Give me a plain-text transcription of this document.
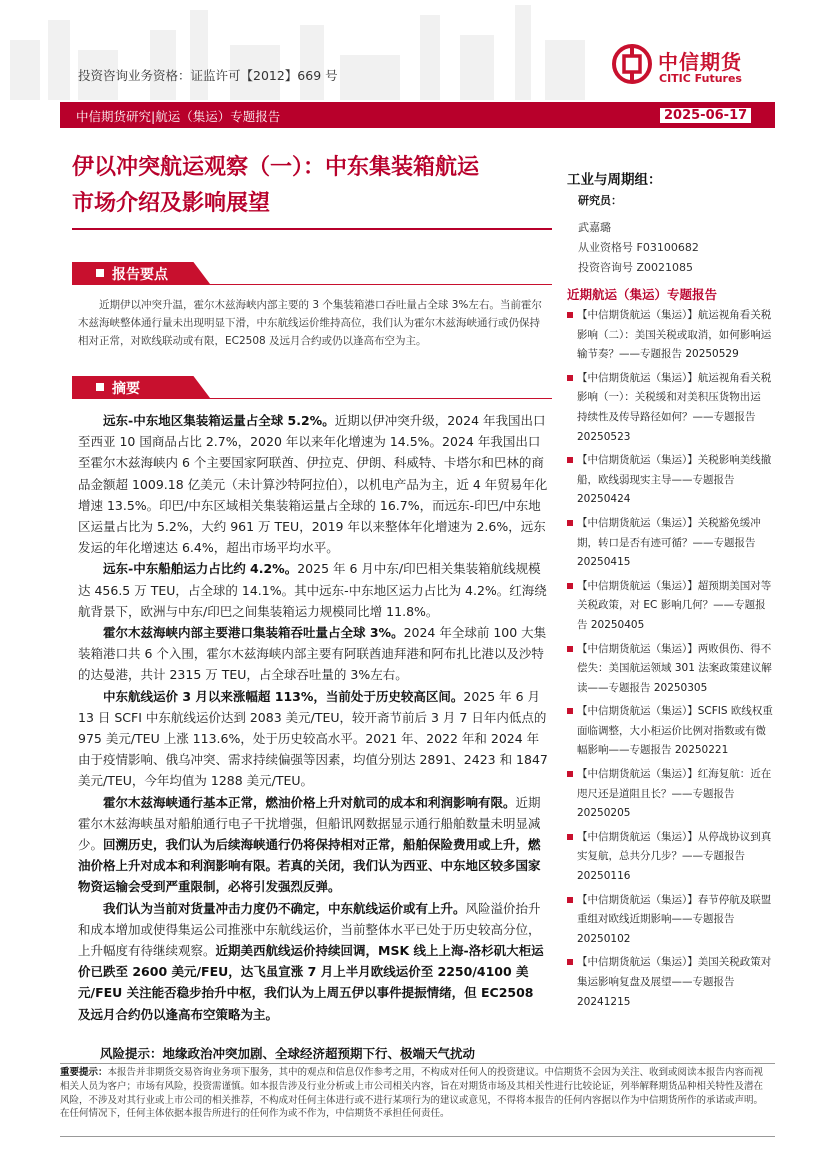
投资咨询业务资格：证监许可【2012】669 号
中信期货
CITIC Futures
中信期货研究|航运（集运）专题报告	2025-06-17
伊以冲突航运观察（一）：中东集装箱航运
市场介绍及影响展望
报告要点
近期伊以冲突升温，霍尔木兹海峡内部主要的 3 个集装箱港口吞吐量占全球 3%左右。当前霍尔木兹海峡整体通行量未出现明显下滑，中东航线运价维持高位，我们认为霍尔木兹海峡通行或仍保持相对正常，对欧线联动或有限，EC2508 及远月合约或仍以逢高布空为主。
摘要

远东-中东地区集装箱运量占全球 5.2%。近期以伊冲突升级，2024 年我国出口至西亚 10 国商品占比 2.7%，2020 年以来年化增速为 14.5%。2024 年我国出口至霍尔木兹海峡内 6 个主要国家阿联酋、伊拉克、伊朗、科威特、卡塔尔和巴林的商品金额超 1009.18 亿美元（未计算沙特阿拉伯），以机电产品为主，近 4 年贸易年化增速 13.5%。印巴/中东区域相关集装箱运量占全球的 16.7%，而远东-印巴/中东地区运量占比为 5.2%，大约 961 万 TEU，2019 年以来整体年化增速为 2.6%，远东发运的年化增速达 6.4%，超出市场平均水平。

远东-中东船舶运力占比约 4.2%。2025 年 6 月中东/印巴相关集装箱航线规模达 456.5 万 TEU，占全球的 14.1%。其中远东-中东地区运力占比为 4.2%。红海绕航背景下，欧洲与中东/印巴之间集装箱运力规模同比增 11.8%。

霍尔木兹海峡内部主要港口集装箱吞吐量占全球 3%。2024 年全球前 100 大集装箱港口共 6 个入围，霍尔木兹海峡内部主要有阿联酋迪拜港和阿布扎比港以及沙特的达曼港，共计 2315 万 TEU，占全球吞吐量的 3%左右。

中东航线运价 3 月以来涨幅超 113%，当前处于历史较高区间。2025 年 6 月 13 日 SCFI 中东航线运价达到 2083 美元/TEU，较开斋节前后 3 月 7 日年内低点的 975 美元/TEU 上涨 113.6%，处于历史较高水平。2021 年、2022 年和 2024 年由于疫情影响、俄乌冲突、需求持续偏强等因素，均值分别达 2891、2423 和 1847 美元/TEU，今年均值为 1288 美元/TEU。

霍尔木兹海峡通行基本正常，燃油价格上升对航司的成本和利润影响有限。近期霍尔木兹海峡虽对船舶通行电子干扰增强，但船讯网数据显示通行船舶数量未明显减少。回溯历史，我们认为后续海峡通行仍将保持相对正常，船舶保险费用或上升，燃油价格上升对成本和利润影响有限。若真的关闭，我们认为西亚、中东地区较多国家物资运输会受到严重限制，必将引发强烈反弹。

我们认为当前对货量冲击力度仍不确定，中东航线运价或有上升。风险溢价抬升和成本增加或使得集运公司推涨中东航线运价，当前整体水平已处于历史较高分位，上升幅度有待继续观察。近期美西航线运价持续回调，MSK 线上上海-洛杉矶大柜运价已跌至 2600 美元/FEU，达飞虽宣涨 7 月上半月欧线运价至 2250/4100 美元/FEU 关注能否稳步抬升中枢，我们认为上周五伊以事件提振情绪，但 EC2508 及远月合约仍以逢高布空策略为主。

工业与周期组：
研究员：
武嘉璐
从业资格号 F03100682
投资咨询号 Z0021085
近期航运（集运）专题报告
【中信期货航运（集运）】航运视角看关税影响（二）：美国关税或取消，如何影响运输节奏？——专题报告 20250529
【中信期货航运（集运）】航运视角看关税影响（一）：关税缓和对美积压货物出运　持续性及传导路径如何？——专题报告 20250523
【中信期货航运（集运）】关税影响美线撤船，欧线弱现实主导——专题报告 20250424
【中信期货航运（集运）】关税豁免缓冲期，转口是否有迹可循？——专题报告 20250415
【中信期货航运（集运）】超预期美国对等关税政策，对 EC 影响几何？——专题报告 20250405
【中信期货航运（集运）】两败俱伤、得不偿失：美国航运领域 301 法案政策建议解读——专题报告 20250305
【中信期货航运（集运）】SCFIS 欧线权重面临调整，大小柜运价比例对指数或有微幅影响——专题报告 20250221
【中信期货航运（集运）】红海复航：近在咫尺还是道阻且长？——专题报告 20250205
【中信期货航运（集运）】从停战协议到真实复航，总共分几步？——专题报告 20250116
【中信期货航运（集运）】春节停航及联盟重组对欧线近期影响——专题报告 20250102
【中信期货航运（集运）】美国关税政策对集运影响复盘及展望——专题报告 20241215
风险提示：地缘政治冲突加剧、全球经济超预期下行、极端天气扰动
重要提示：本报告并非期货交易咨询业务项下服务，其中的观点和信息仅作参考之用，不构成对任何人的投资建议。中信期货不会因为关注、收到或阅读本报告内容而视相关人员为客户；市场有风险，投资需谨慎。如本报告涉及行业分析或上市公司相关内容，旨在对期货市场及其相关性进行比较论证，列举解释期货品种相关特性及潜在风险，不涉及对其行业或上市公司的相关推荐，不构成对任何主体进行或不进行某项行为的建议或意见，不得将本报告的任何内容据以作为中信期货所作的承诺或声明。在任何情况下，任何主体依据本报告所进行的任何作为或不作为，中信期货不承担任何责任。
